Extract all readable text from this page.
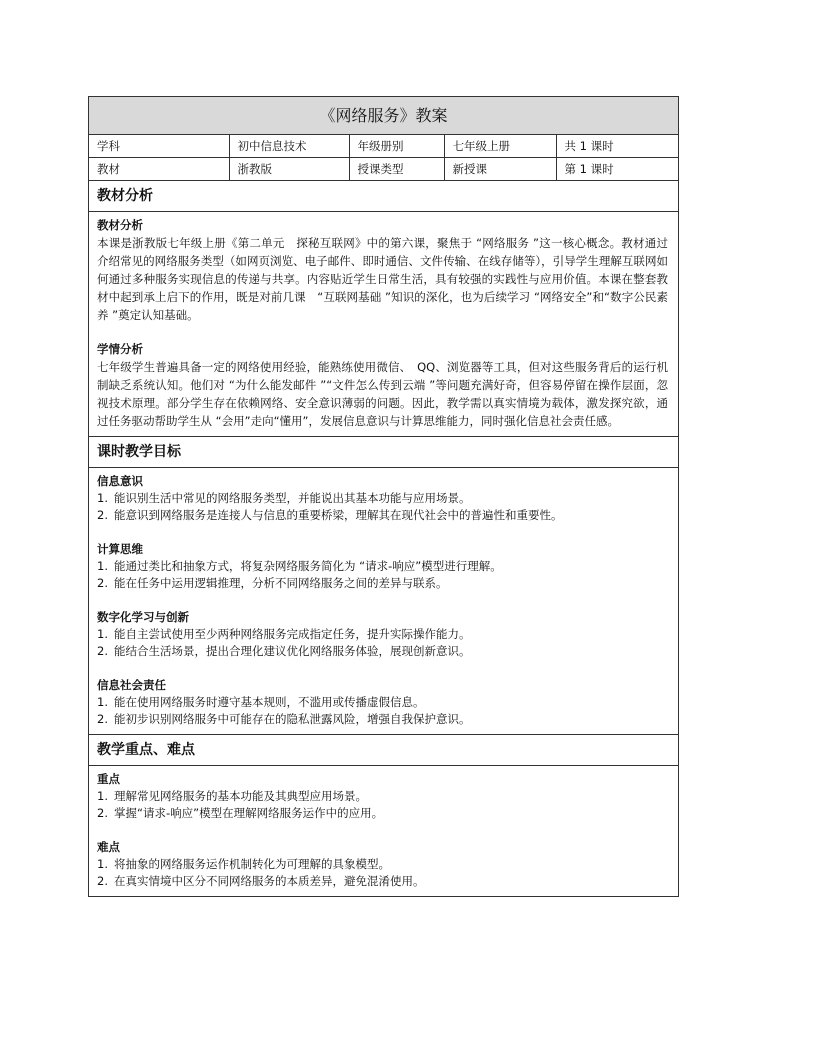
《网络服务》教案
学科	初中信息技术	年级册别	七年级上册	共 1 课时
教材	浙教版	授课类型	新授课	第 1 课时
教材分析
教材分析
本课是浙教版七年级上册《第二单元　探秘互联网》中的第六课，聚焦于 “网络服务 ”这一核心概念。教材通过介绍常见的网络服务类型（如网页浏览、电子邮件、即时通信、文件传输、在线存储等），引导学生理解互联网如何通过多种服务实现信息的传递与共享。内容贴近学生日常生活，具有较强的实践性与应用价值。本课在整套教材中起到承上启下的作用，既是对前几课　“互联网基础 ”知识的深化，也为后续学习 “网络安全”和“数字公民素养 ”奠定认知基础。
学情分析
七年级学生普遍具备一定的网络使用经验，能熟练使用微信、　QQ、浏览器等工具，但对这些服务背后的运行机制缺乏系统认知。他们对 “为什么能发邮件 ”“文件怎么传到云端 ”等问题充满好奇，但容易停留在操作层面，忽视技术原理。部分学生存在依赖网络、安全意识薄弱的问题。因此，教学需以真实情境为载体，激发探究欲，通过任务驱动帮助学生从 “会用”走向“懂用”，发展信息意识与计算思维能力，同时强化信息社会责任感。
课时教学目标
信息意识
1. 能识别生活中常见的网络服务类型，并能说出其基本功能与应用场景。
2. 能意识到网络服务是连接人与信息的重要桥梁，理解其在现代社会中的普遍性和重要性。
计算思维
1. 能通过类比和抽象方式，将复杂网络服务简化为 “请求-响应”模型进行理解。
2. 能在任务中运用逻辑推理，分析不同网络服务之间的差异与联系。
数字化学习与创新
1. 能自主尝试使用至少两种网络服务完成指定任务，提升实际操作能力。
2. 能结合生活场景，提出合理化建议优化网络服务体验，展现创新意识。
信息社会责任
1. 能在使用网络服务时遵守基本规则，不滥用或传播虚假信息。
2. 能初步识别网络服务中可能存在的隐私泄露风险，增强自我保护意识。
教学重点、难点
重点
1. 理解常见网络服务的基本功能及其典型应用场景。
2. 掌握“请求-响应”模型在理解网络服务运作中的应用。
难点
1. 将抽象的网络服务运作机制转化为可理解的具象模型。
2. 在真实情境中区分不同网络服务的本质差异，避免混淆使用。
